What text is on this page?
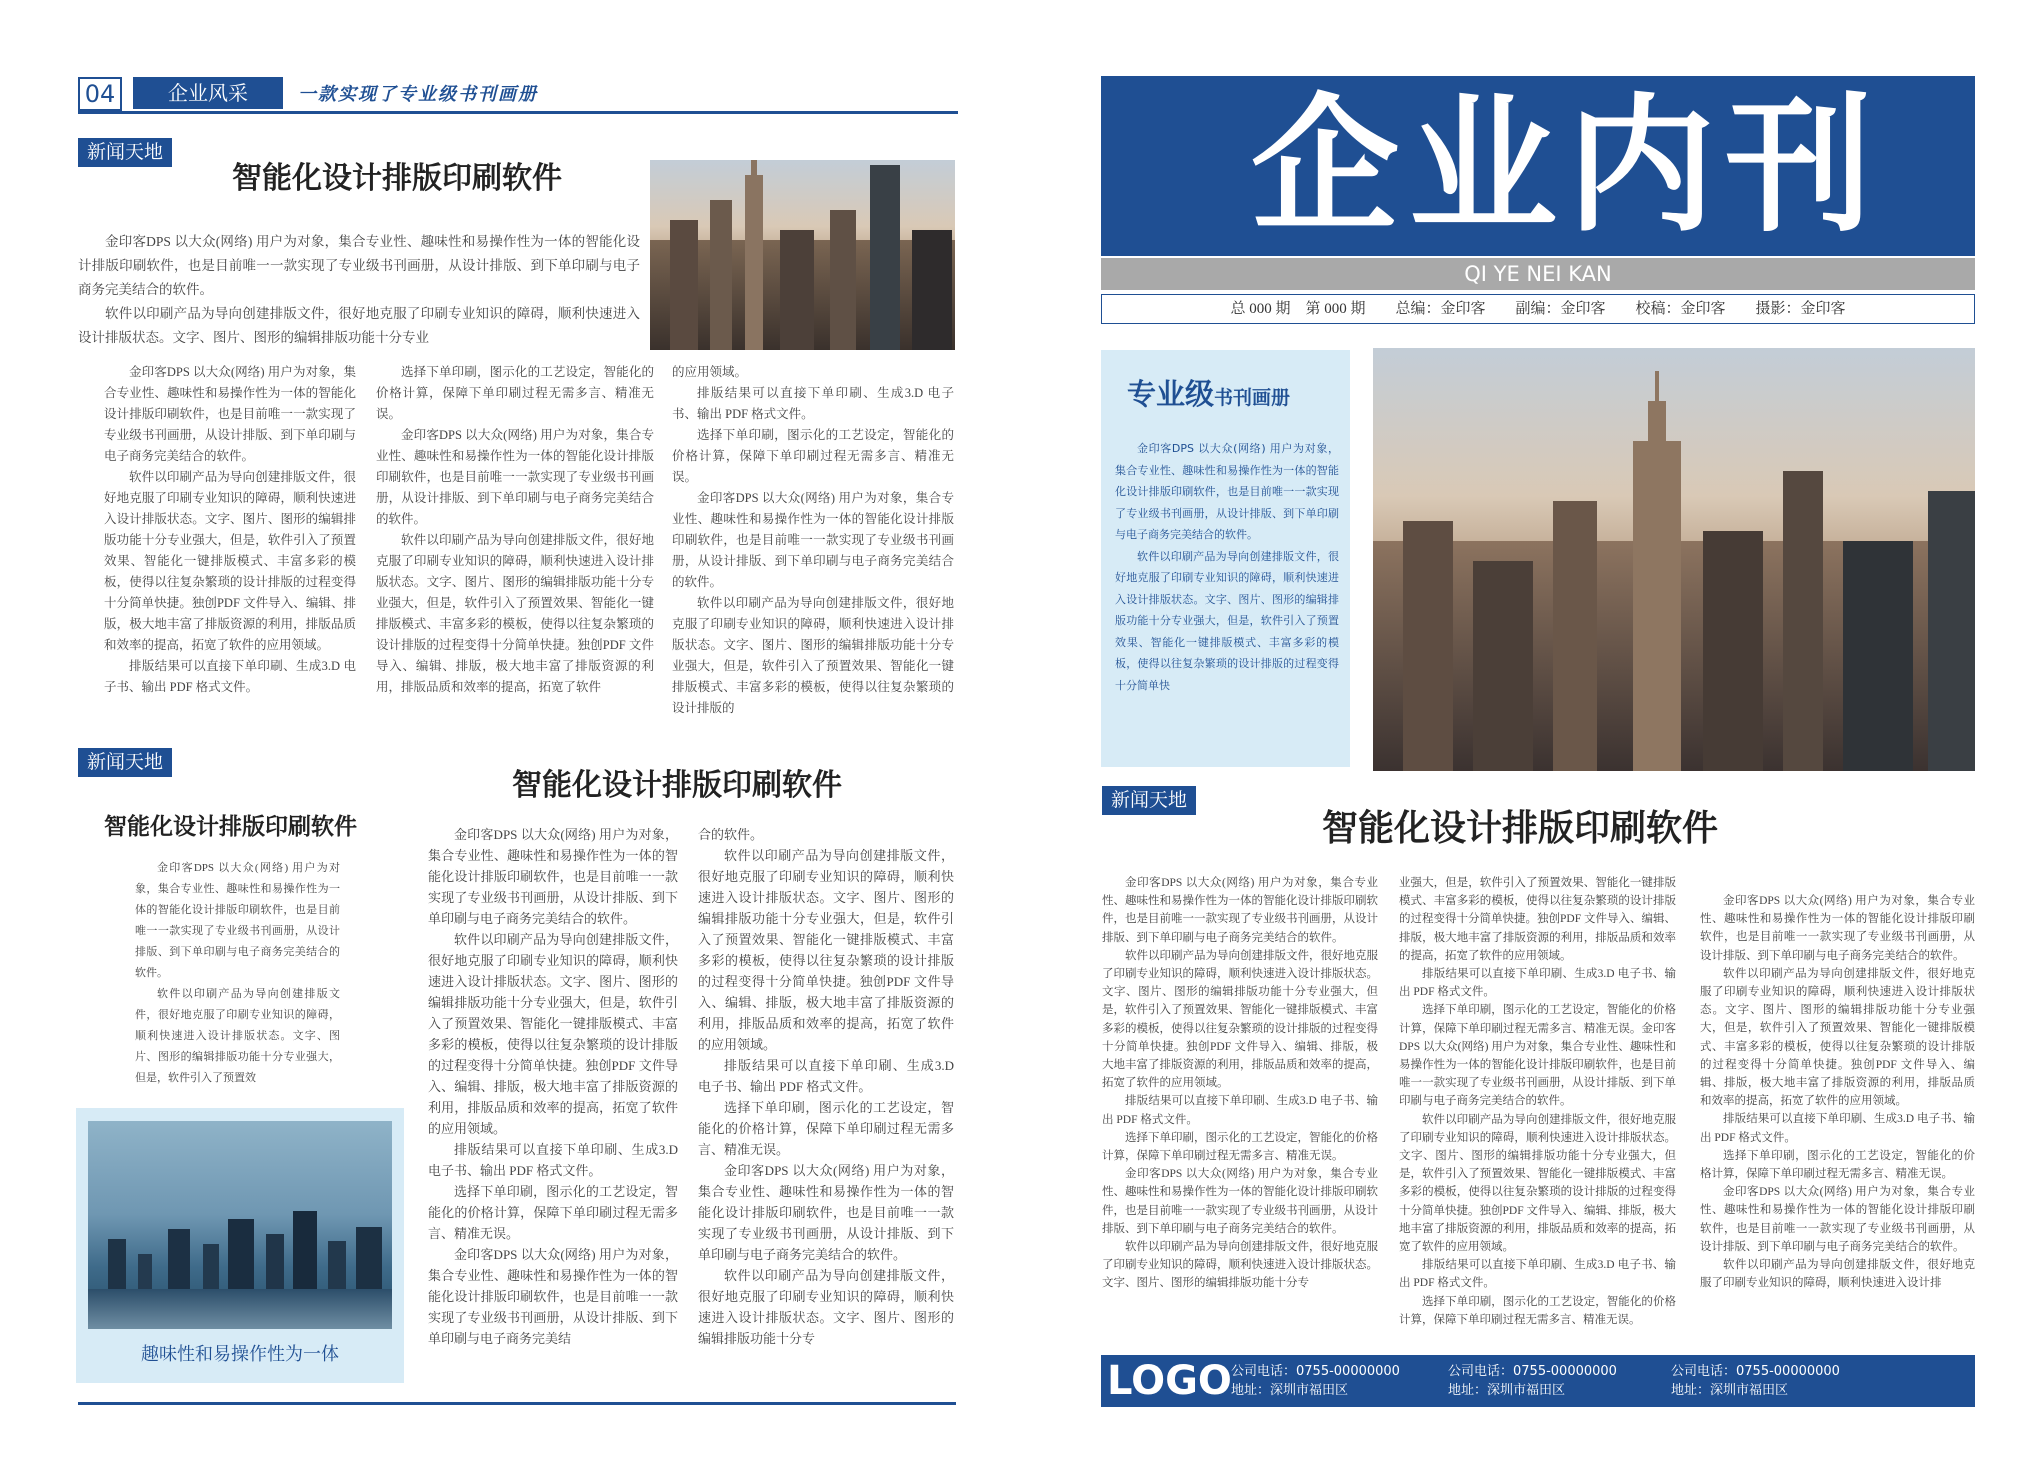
04	企业风采	一款实现了专业级书刊画册
新闻天地
智能化设计排版印刷软件

金印客DPS 以大众(网络) 用户为对象，集合专业性、趣味性和易操作性为一体的智能化设计排版印刷软件，也是目前唯一一款实现了专业级书刊画册，从设计排版、到下单印刷与电子商务完美结合的软件。

软件以印刷产品为导向创建排版文件，很好地克服了印刷专业知识的障碍，顺利快速进入设计排版状态。文字、图片、图形的编辑排版功能十分专业

金印客DPS 以大众(网络) 用户为对象，集合专业性、趣味性和易操作性为一体的智能化设计排版印刷软件，也是目前唯一一款实现了专业级书刊画册，从设计排版、到下单印刷与电子商务完美结合的软件。

软件以印刷产品为导向创建排版文件，很好地克服了印刷专业知识的障碍，顺利快速进入设计排版状态。文字、图片、图形的编辑排版功能十分专业强大，但是，软件引入了预置效果、智能化一键排版模式、丰富多彩的模板，使得以往复杂繁琐的设计排版的过程变得十分简单快捷。独创PDF 文件导入、编辑、排版，极大地丰富了排版资源的利用，排版品质和效率的提高，拓宽了软件的应用领域。

排版结果可以直接下单印刷、生成3.D 电子书、输出 PDF 格式文件。

选择下单印刷，图示化的工艺设定，智能化的价格计算，保障下单印刷过程无需多言、精准无误。

金印客DPS 以大众(网络) 用户为对象，集合专业性、趣味性和易操作性为一体的智能化设计排版印刷软件，也是目前唯一一款实现了专业级书刊画册，从设计排版、到下单印刷与电子商务完美结合的软件。

软件以印刷产品为导向创建排版文件，很好地克服了印刷专业知识的障碍，顺利快速进入设计排版状态。文字、图片、图形的编辑排版功能十分专业强大，但是，软件引入了预置效果、智能化一键排版模式、丰富多彩的模板，使得以往复杂繁琐的设计排版的过程变得十分简单快捷。独创PDF 文件导入、编辑、排版，极大地丰富了排版资源的利用，排版品质和效率的提高，拓宽了软件

的应用领域。

排版结果可以直接下单印刷、生成3.D 电子书、输出 PDF 格式文件。

选择下单印刷，图示化的工艺设定，智能化的价格计算，保障下单印刷过程无需多言、精准无误。

金印客DPS 以大众(网络) 用户为对象，集合专业性、趣味性和易操作性为一体的智能化设计排版印刷软件，也是目前唯一一款实现了专业级书刊画册，从设计排版、到下单印刷与电子商务完美结合的软件。

软件以印刷产品为导向创建排版文件，很好地克服了印刷专业知识的障碍，顺利快速进入设计排版状态。文字、图片、图形的编辑排版功能十分专业强大，但是，软件引入了预置效果、智能化一键排版模式、丰富多彩的模板，使得以往复杂繁琐的设计排版的

新闻天地
智能化设计排版印刷软件
智能化设计排版印刷软件

金印客DPS 以大众(网络) 用户为对象，集合专业性、趣味性和易操作性为一体的智能化设计排版印刷软件，也是目前唯一一款实现了专业级书刊画册，从设计排版、到下单印刷与电子商务完美结合的软件。

软件以印刷产品为导向创建排版文件，很好地克服了印刷专业知识的障碍，顺利快速进入设计排版状态。文字、图片、图形的编辑排版功能十分专业强大，但是，软件引入了预置效

趣味性和易操作性为一体

金印客DPS 以大众(网络) 用户为对象，集合专业性、趣味性和易操作性为一体的智能化设计排版印刷软件，也是目前唯一一款实现了专业级书刊画册，从设计排版、到下单印刷与电子商务完美结合的软件。

软件以印刷产品为导向创建排版文件，很好地克服了印刷专业知识的障碍，顺利快速进入设计排版状态。文字、图片、图形的编辑排版功能十分专业强大，但是，软件引入了预置效果、智能化一键排版模式、丰富多彩的模板，使得以往复杂繁琐的设计排版的过程变得十分简单快捷。独创PDF 文件导入、编辑、排版，极大地丰富了排版资源的利用，排版品质和效率的提高，拓宽了软件的应用领域。

排版结果可以直接下单印刷、生成3.D 电子书、输出 PDF 格式文件。

选择下单印刷，图示化的工艺设定，智能化的价格计算，保障下单印刷过程无需多言、精准无误。

金印客DPS 以大众(网络) 用户为对象，集合专业性、趣味性和易操作性为一体的智能化设计排版印刷软件，也是目前唯一一款实现了专业级书刊画册，从设计排版、到下单印刷与电子商务完美结

合的软件。

软件以印刷产品为导向创建排版文件，很好地克服了印刷专业知识的障碍，顺利快速进入设计排版状态。文字、图片、图形的编辑排版功能十分专业强大，但是，软件引入了预置效果、智能化一键排版模式、丰富多彩的模板，使得以往复杂繁琐的设计排版的过程变得十分简单快捷。独创PDF 文件导入、编辑、排版，极大地丰富了排版资源的利用，排版品质和效率的提高，拓宽了软件的应用领域。

排版结果可以直接下单印刷、生成3.D 电子书、输出 PDF 格式文件。

选择下单印刷，图示化的工艺设定，智能化的价格计算，保障下单印刷过程无需多言、精准无误。

金印客DPS 以大众(网络) 用户为对象，集合专业性、趣味性和易操作性为一体的智能化设计排版印刷软件，也是目前唯一一款实现了专业级书刊画册，从设计排版、到下单印刷与电子商务完美结合的软件。

软件以印刷产品为导向创建排版文件，很好地克服了印刷专业知识的障碍，顺利快速进入设计排版状态。文字、图片、图形的编辑排版功能十分专

企业内刊
QI YE NEI KAN
总 000 期　第 000 期　　总编：金印客　　副编：金印客　　校稿：金印客　　摄影：金印客
专业级书刊画册

金印客DPS 以大众(网络) 用户为对象，集合专业性、趣味性和易操作性为一体的智能化设计排版印刷软件，也是目前唯一一款实现了专业级书刊画册，从设计排版、到下单印刷与电子商务完美结合的软件。

软件以印刷产品为导向创建排版文件，很好地克服了印刷专业知识的障碍，顺利快速进入设计排版状态。文字、图片、图形的编辑排版功能十分专业强大，但是，软件引入了预置效果、智能化一键排版模式、丰富多彩的模板，使得以往复杂繁琐的设计排版的过程变得十分简单快

新闻天地
智能化设计排版印刷软件

金印客DPS 以大众(网络) 用户为对象，集合专业性、趣味性和易操作性为一体的智能化设计排版印刷软件，也是目前唯一一款实现了专业级书刊画册，从设计排版、到下单印刷与电子商务完美结合的软件。

软件以印刷产品为导向创建排版文件，很好地克服了印刷专业知识的障碍，顺利快速进入设计排版状态。文字、图片、图形的编辑排版功能十分专业强大，但是，软件引入了预置效果、智能化一键排版模式、丰富多彩的模板，使得以往复杂繁琐的设计排版的过程变得十分简单快捷。独创PDF 文件导入、编辑、排版，极大地丰富了排版资源的利用，排版品质和效率的提高，拓宽了软件的应用领域。

排版结果可以直接下单印刷、生成3.D 电子书、输出 PDF 格式文件。

选择下单印刷，图示化的工艺设定，智能化的价格计算，保障下单印刷过程无需多言、精准无误。

金印客DPS 以大众(网络) 用户为对象，集合专业性、趣味性和易操作性为一体的智能化设计排版印刷软件，也是目前唯一一款实现了专业级书刊画册，从设计排版、到下单印刷与电子商务完美结合的软件。

软件以印刷产品为导向创建排版文件，很好地克服了印刷专业知识的障碍，顺利快速进入设计排版状态。文字、图片、图形的编辑排版功能十分专

业强大，但是，软件引入了预置效果、智能化一键排版模式、丰富多彩的模板，使得以往复杂繁琐的设计排版的过程变得十分简单快捷。独创PDF 文件导入、编辑、排版，极大地丰富了排版资源的利用，排版品质和效率的提高，拓宽了软件的应用领域。

排版结果可以直接下单印刷、生成3.D 电子书、输出 PDF 格式文件。

选择下单印刷，图示化的工艺设定，智能化的价格计算，保障下单印刷过程无需多言、精准无误。金印客DPS 以大众(网络) 用户为对象，集合专业性、趣味性和易操作性为一体的智能化设计排版印刷软件，也是目前唯一一款实现了专业级书刊画册，从设计排版、到下单印刷与电子商务完美结合的软件。

软件以印刷产品为导向创建排版文件，很好地克服了印刷专业知识的障碍，顺利快速进入设计排版状态。文字、图片、图形的编辑排版功能十分专业强大，但是，软件引入了预置效果、智能化一键排版模式、丰富多彩的模板，使得以往复杂繁琐的设计排版的过程变得十分简单快捷。独创PDF 文件导入、编辑、排版，极大地丰富了排版资源的利用，排版品质和效率的提高，拓宽了软件的应用领域。

排版结果可以直接下单印刷、生成3.D 电子书、输出 PDF 格式文件。

选择下单印刷，图示化的工艺设定，智能化的价格计算，保障下单印刷过程无需多言、精准无误。

金印客DPS 以大众(网络) 用户为对象，集合专业性、趣味性和易操作性为一体的智能化设计排版印刷软件，也是目前唯一一款实现了专业级书刊画册，从设计排版、到下单印刷与电子商务完美结合的软件。

软件以印刷产品为导向创建排版文件，很好地克服了印刷专业知识的障碍，顺利快速进入设计排版状态。文字、图片、图形的编辑排版功能十分专业强大，但是，软件引入了预置效果、智能化一键排版模式、丰富多彩的模板，使得以往复杂繁琐的设计排版的过程变得十分简单快捷。独创PDF 文件导入、编辑、排版，极大地丰富了排版资源的利用，排版品质和效率的提高，拓宽了软件的应用领域。

排版结果可以直接下单印刷、生成3.D 电子书、输出 PDF 格式文件。

选择下单印刷，图示化的工艺设定，智能化的价格计算，保障下单印刷过程无需多言、精准无误。

金印客DPS 以大众(网络) 用户为对象，集合专业性、趣味性和易操作性为一体的智能化设计排版印刷软件，也是目前唯一一款实现了专业级书刊画册，从设计排版、到下单印刷与电子商务完美结合的软件。

软件以印刷产品为导向创建排版文件，很好地克服了印刷专业知识的障碍，顺利快速进入设计排

LOGO 公司电话：0755-00000000
地址：深圳市福田区
公司电话：0755-00000000
地址：深圳市福田区
公司电话：0755-00000000
地址：深圳市福田区
